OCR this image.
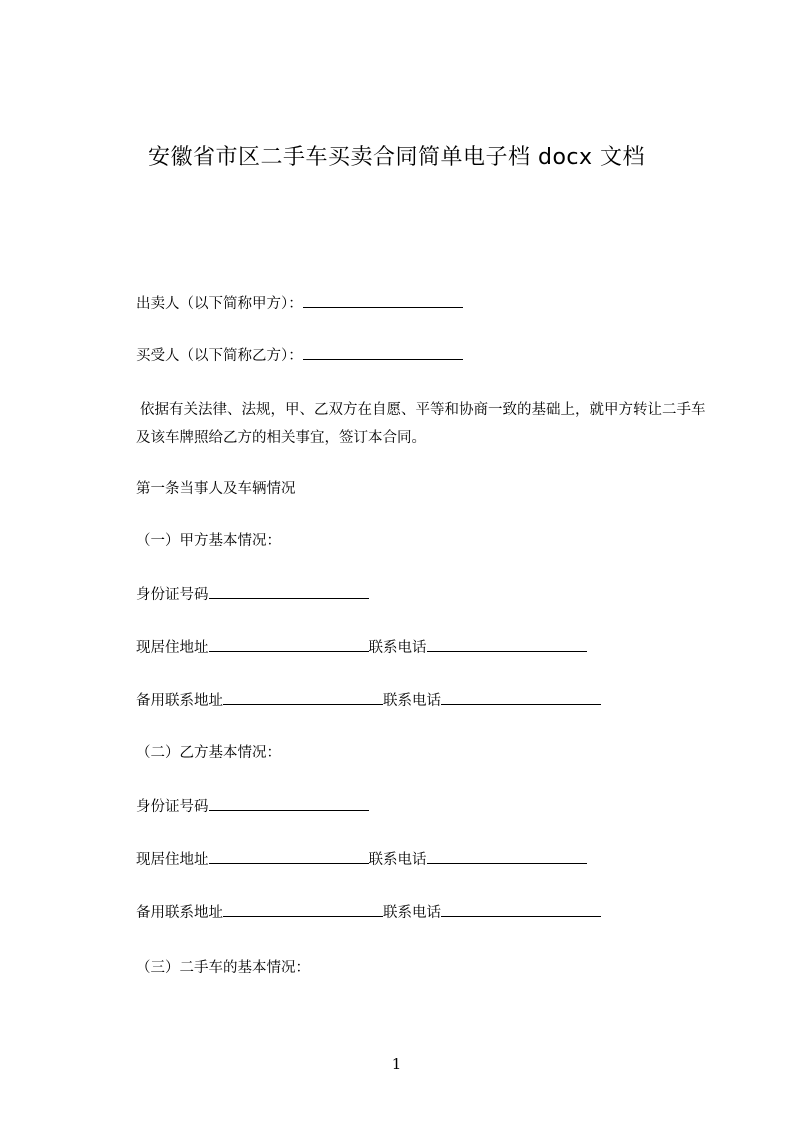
安徽省市区二手车买卖合同简单电子档 docx 文档
出卖人（以下简称甲方）：
买受人（以下简称乙方）：
依据有关法律、法规，甲、乙双方在自愿、平等和协商一致的基础上，就甲方转让二手车及该车牌照给乙方的相关事宜，签订本合同。
第一条当事人及车辆情况
（一）甲方基本情况：
身份证号码
现居住地址	联系电话
备用联系地址	联系电话
（二）乙方基本情况：
身份证号码
现居住地址	联系电话
备用联系地址	联系电话
（三）二手车的基本情况：
1
